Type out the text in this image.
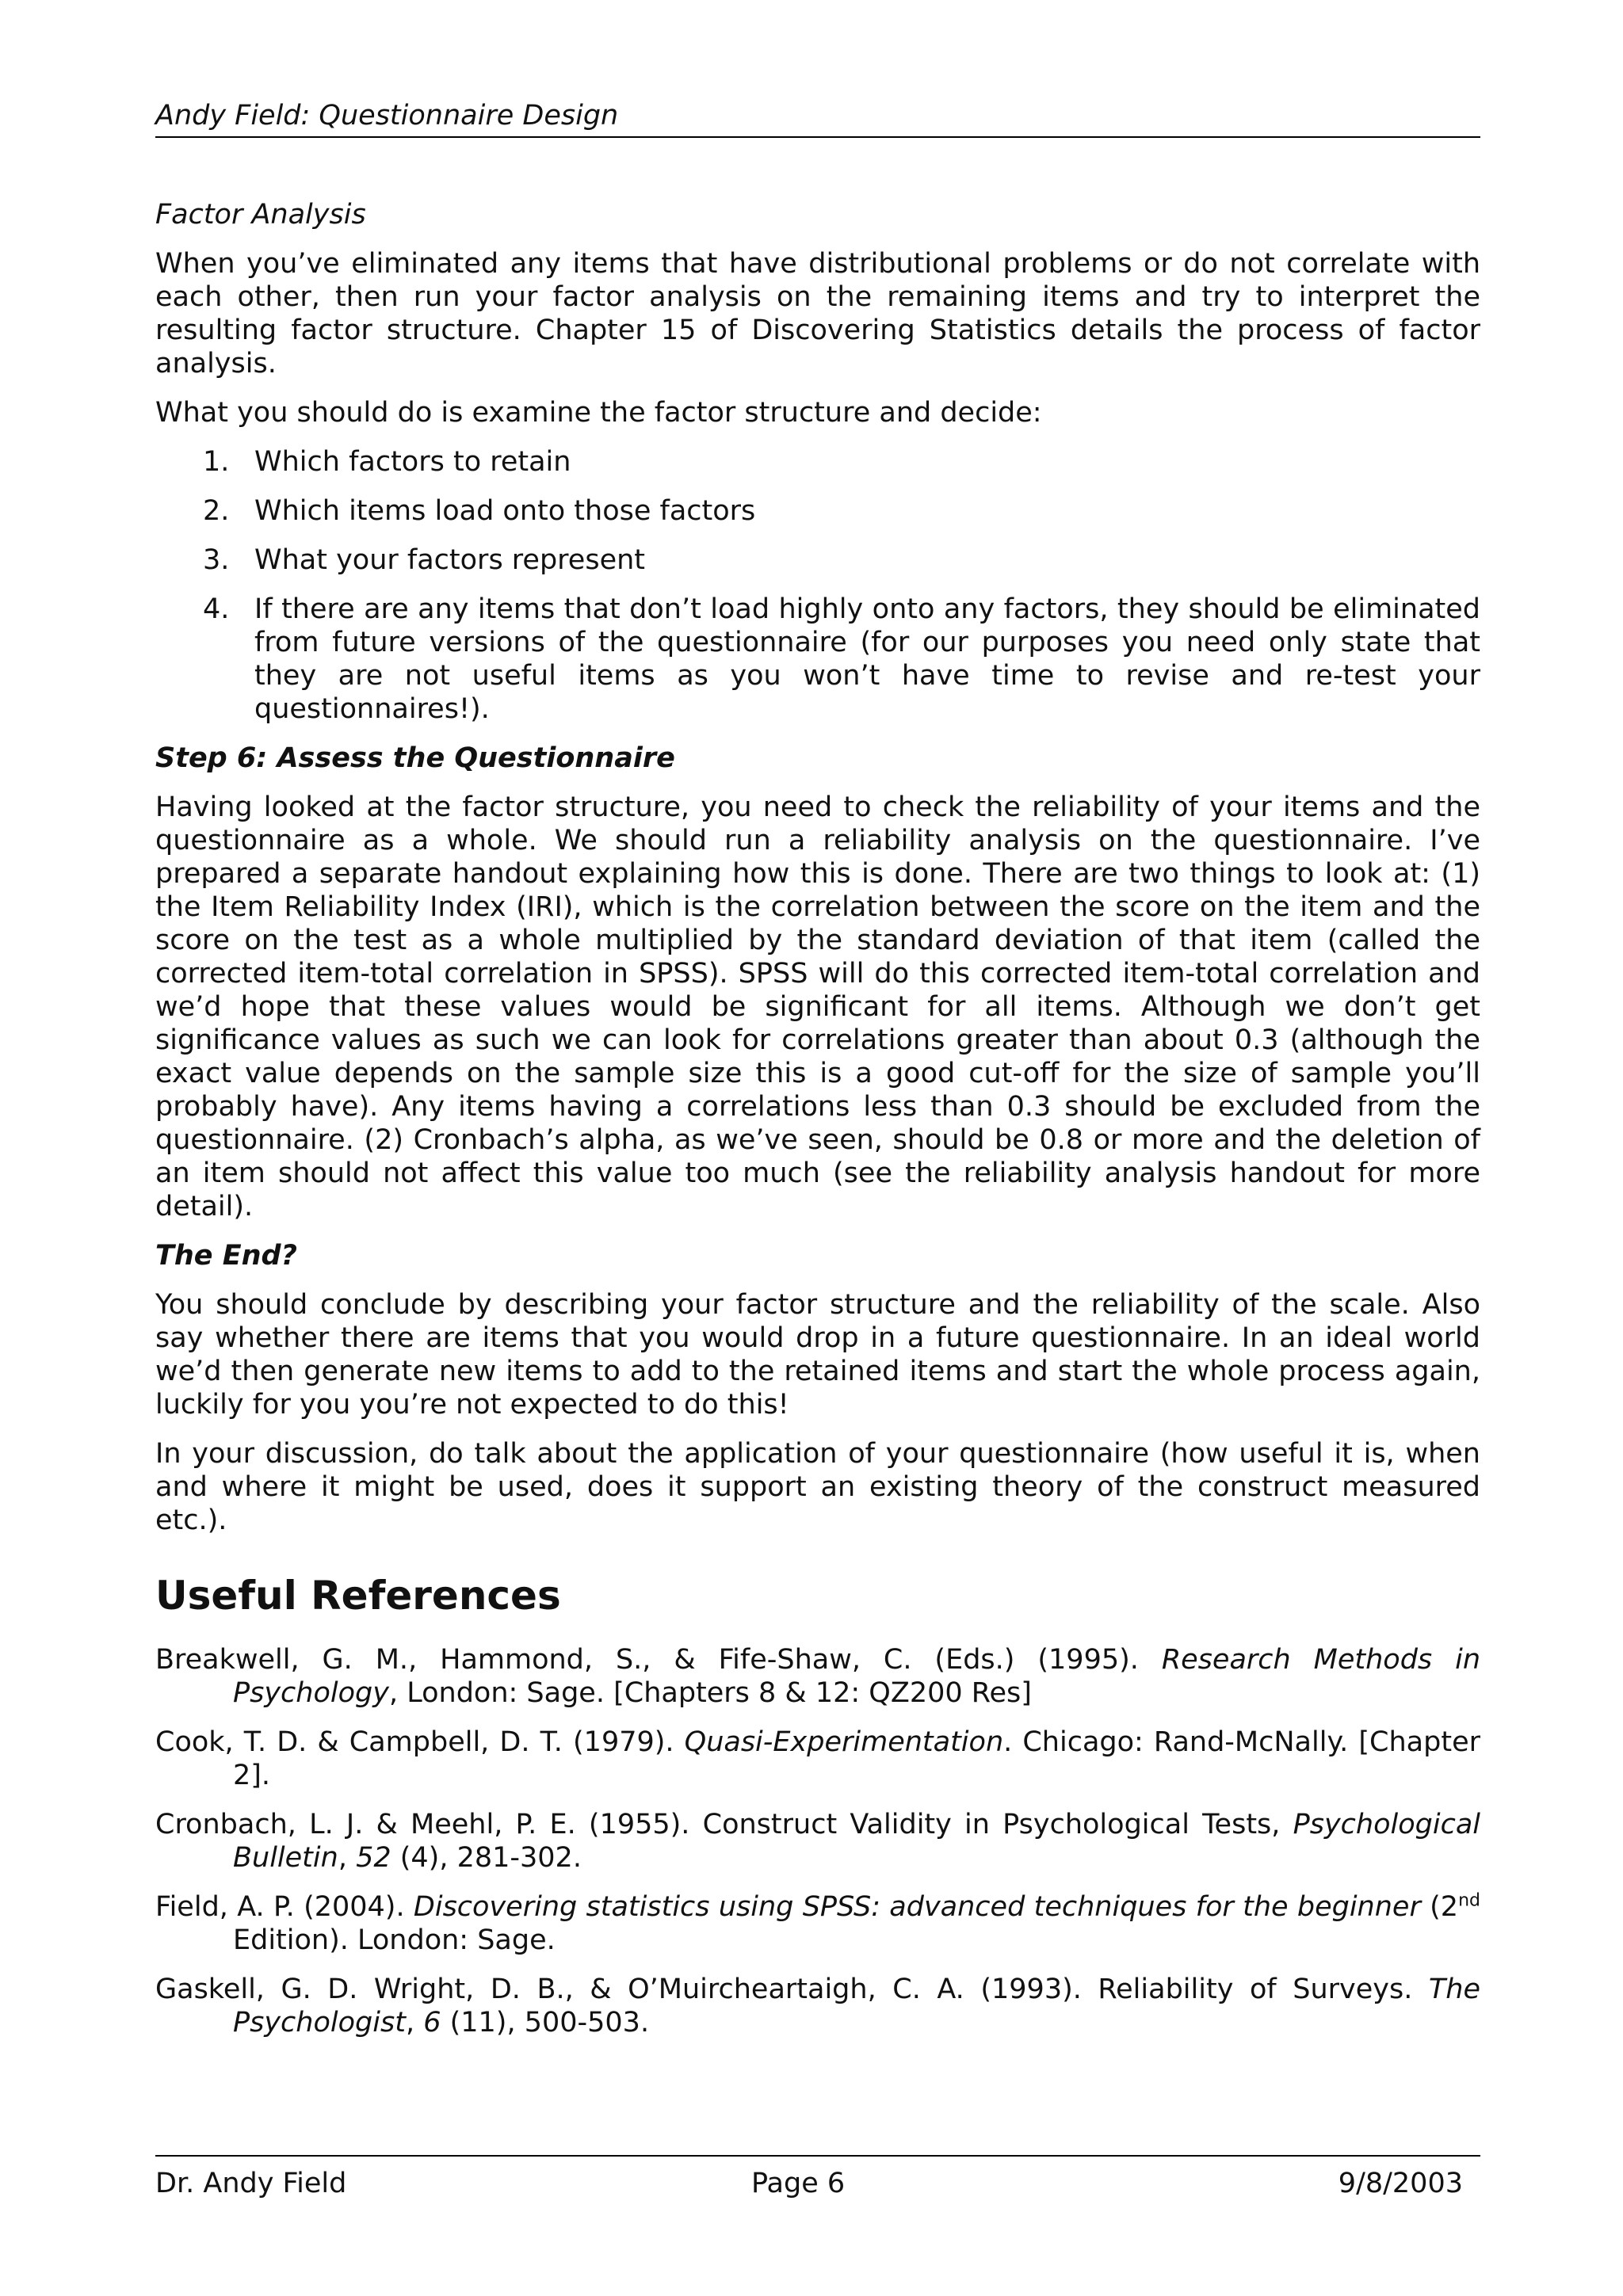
Andy Field: Questionnaire Design
Factor Analysis

When you’ve eliminated any items that have distributional problems or do not correlate with each other, then run your factor analysis on the remaining items and try to interpret the resulting factor structure. Chapter 15 of Discovering Statistics details the process of factor analysis.

What you should do is examine the factor structure and decide:

1. Which factors to retain
2. Which items load onto those factors
3. What your factors represent
4. If there are any items that don’t load highly onto any factors, they should be eliminated from future versions of the questionnaire (for our purposes you need only state that they are not useful items as you won’t have time to revise and re-test your questionnaires!).
Step 6: Assess the Questionnaire

Having looked at the factor structure, you need to check the reliability of your items and the questionnaire as a whole. We should run a reliability analysis on the questionnaire. I’ve prepared a separate handout explaining how this is done. There are two things to look at: (1) the Item Reliability Index (IRI), which is the correlation between the score on the item and the score on the test as a whole multiplied by the standard deviation of that item (called the corrected item-total correlation in SPSS). SPSS will do this corrected item-total correlation and we’d hope that these values would be significant for all items. Although we don’t get significance values as such we can look for correlations greater than about 0.3 (although the exact value depends on the sample size this is a good cut-off for the size of sample you’ll probably have). Any items having a correlations less than 0.3 should be excluded from the questionnaire. (2) Cronbach’s alpha, as we’ve seen, should be 0.8 or more and the deletion of an item should not affect this value too much (see the reliability analysis handout for more detail).

The End?

You should conclude by describing your factor structure and the reliability of the scale. Also say whether there are items that you would drop in a future questionnaire. In an ideal world we’d then generate new items to add to the retained items and start the whole process again, luckily for you you’re not expected to do this!

In your discussion, do talk about the application of your questionnaire (how useful it is, when and where it might be used, does it support an existing theory of the construct measured etc.).

Useful References
Breakwell, G. M., Hammond, S., & Fife-Shaw, C. (Eds.) (1995). Research Methods in Psychology, London: Sage. [Chapters 8 & 12: QZ200 Res]
Cook, T. D. & Campbell, D. T. (1979). Quasi-Experimentation. Chicago: Rand-McNally. [Chapter 2].
Cronbach, L. J. & Meehl, P. E. (1955). Construct Validity in Psychological Tests, Psychological Bulletin, 52 (4), 281-302.
Field, A. P. (2004). Discovering statistics using SPSS: advanced techniques for the beginner (2nd Edition). London: Sage.
Gaskell, G. D. Wright, D. B., & O’Muircheartaigh, C. A. (1993). Reliability of Surveys. The Psychologist, 6 (11), 500-503.
Dr. Andy Field	Page 6	9/8/2003
